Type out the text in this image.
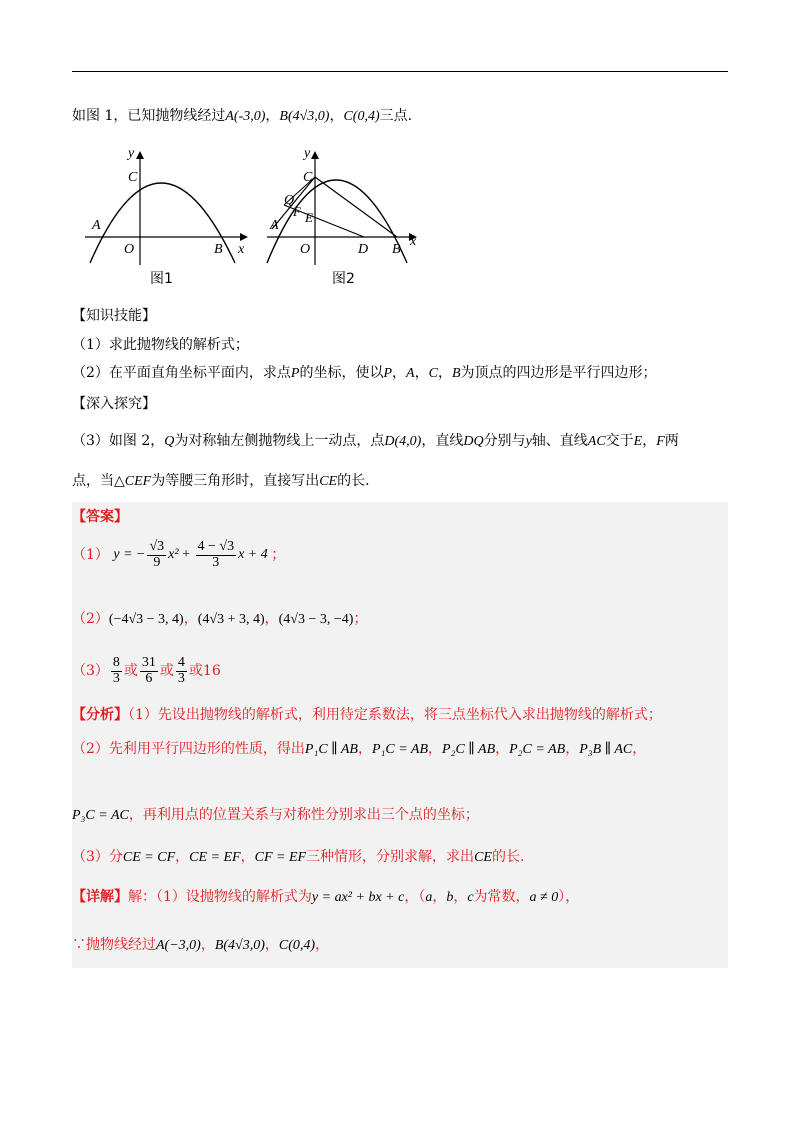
如图 1，已知抛物线经过A(-3,0)，B(4√3,0)，C(0,4)三点.
y
x
C
A
O	B
图1
y
x
C
Q
F E
A
O	D B
图2
【知识技能】
（1）求此抛物线的解析式；
（2）在平面直角坐标平面内，求点P的坐标，使以P，A，C，B为顶点的四边形是平行四边形；
【深入探究】
（3）如图 2，Q为对称轴左侧抛物线上一动点，点D(4,0)，直线DQ分别与y轴、直线AC交于E，F两
点，当△CEF为等腰三角形时，直接写出CE的长.
【答案】
（1） y = − $\frac{√3}{9} x^2 + \frac{4 - √3}{3}$ x + 4 ；
（2）(−4√3 − 3, 4)，(4√3 + 3, 4)，(4√3 − 3, −4)；
$(3) \frac{8}{3}$ 或 $\frac{31}{6}$ 或 $\frac{4}{3}$ 或16
【分析】（1）先设出抛物线的解析式，利用待定系数法，将三点坐标代入求出抛物线的解析式；
（2）先利用平行四边形的性质，得出P₁C ∥ AB，P₁C = AB，P₂C ∥ AB，P₂C = AB，P₃B ∥ AC，
P₃C = AC，再利用点的位置关系与对称性分别求出三个点的坐标；
（3）分CE = CF，CE = EF，CF = EF三种情形，分别求解，求出CE的长.
【详解】解：（1）设抛物线的解析式为y = ax² + bx + c，（a，b，c为常数，a ≠ 0），
∵抛物线经过A(−3,0)，B(4√3,0)，C(0,4)，
